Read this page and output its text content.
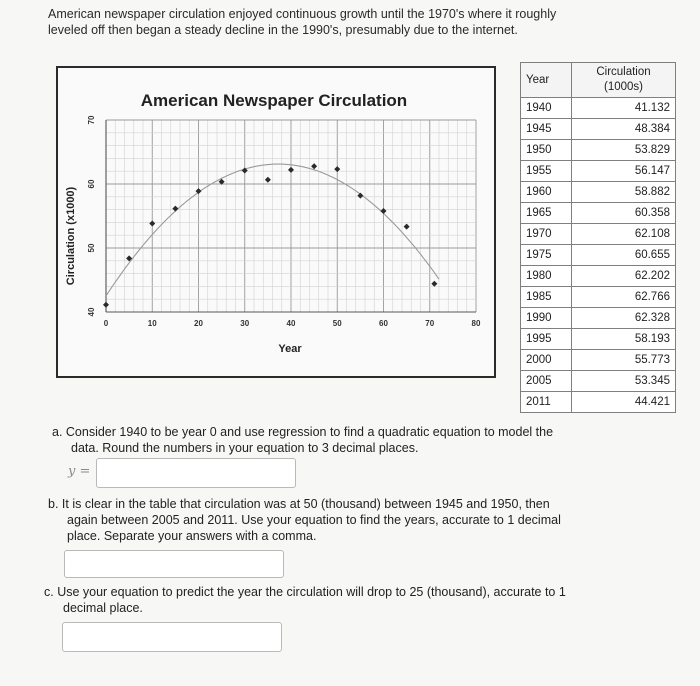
American newspaper circulation enjoyed continuous growth until the 1970's where it roughly
leveled off then began a steady decline in the 1990's, presumably due to the internet.
American Newspaper Circulation
0	10	20	30	40	50	60	70	80
40
50
60
70
Year
Circulation (x1000)
Year	Circulation
(1000s)

1940	41.132
1945	48.384
1950	53.829
1955	56.147
1960	58.882
1965	60.358
1970	62.108
1975	60.655
1980	62.202
1985	62.766
1990	62.328
1995	58.193
2000	55.773
2005	53.345
2011	44.421
a. Consider 1940 to be year 0 and use regression to find a quadratic equation to model the
data. Round the numbers in your equation to 3 decimal places.
y =
b. It is clear in the table that circulation was at 50 (thousand) between 1945 and 1950, then
again between 2005 and 2011. Use your equation to find the years, accurate to 1 decimal
place. Separate your answers with a comma.
c. Use your equation to predict the year the circulation will drop to 25 (thousand), accurate to 1
decimal place.
